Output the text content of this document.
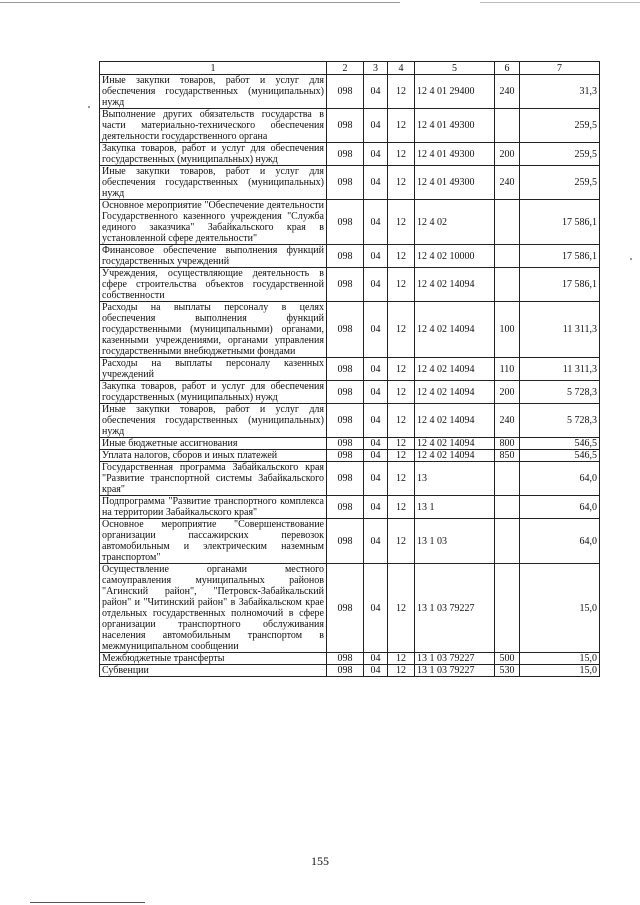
1	2	3	4	5	6	7
Иные закупки товаров, работ и услуг для обеспечения государственных (муниципальных) нужд	098	04	12	12 4 01 29400	240	31,3
Выполнение других обязательств государства в части материально-технического обеспечения деятельности государственного органа	098	04	12	12 4 01 49300		259,5
Закупка товаров, работ и услуг для обеспечения государственных (муниципальных) нужд	098	04	12	12 4 01 49300	200	259,5
Иные закупки товаров, работ и услуг для обеспечения государственных (муниципальных) нужд	098	04	12	12 4 01 49300	240	259,5
Основное мероприятие "Обеспечение деятельности Государственного казенного учреждения "Служба единого заказчика" Забайкальского края в установленной сфере деятельности"	098	04	12	12 4 02		17 586,1
Финансовое обеспечение выполнения функций государственных учреждений	098	04	12	12 4 02 10000		17 586,1
Учреждения, осуществляющие деятельность в сфере строительства объектов государственной собственности	098	04	12	12 4 02 14094		17 586,1
Расходы на выплаты персоналу в целях обеспечения выполнения функций государственными (муниципальными) органами, казенными учреждениями, органами управления государственными внебюджетными фондами	098	04	12	12 4 02 14094	100	11 311,3
Расходы на выплаты персоналу казенных учреждений	098	04	12	12 4 02 14094	110	11 311,3
Закупка товаров, работ и услуг для обеспечения государственных (муниципальных) нужд	098	04	12	12 4 02 14094	200	5 728,3
Иные закупки товаров, работ и услуг для обеспечения государственных (муниципальных) нужд	098	04	12	12 4 02 14094	240	5 728,3
Иные бюджетные ассигнования	098	04	12	12 4 02 14094	800	546,5
Уплата налогов, сборов и иных платежей	098	04	12	12 4 02 14094	850	546,5
Государственная программа Забайкальского края "Развитие транспортной системы Забайкальского края"	098	04	12	13		64,0
Подпрограмма "Развитие транспортного комплекса на территории Забайкальского края"	098	04	12	13 1		64,0
Основное мероприятие "Совершенствование организации пассажирских перевозок автомобильным и электрическим наземным транспортом"	098	04	12	13 1 03		64,0
Осуществление органами местного самоуправления муниципальных районов "Агинский район", "Петровск-Забайкальский район" и "Читинский район" в Забайкальском крае отдельных государственных полномочий в сфере организации транспортного обслуживания населения автомобильным транспортом в межмуниципальном сообщении	098	04	12	13 1 03 79227		15,0
Межбюджетные трансферты	098	04	12	13 1 03 79227	500	15,0
Субвенции	098	04	12	13 1 03 79227	530	15,0
155
